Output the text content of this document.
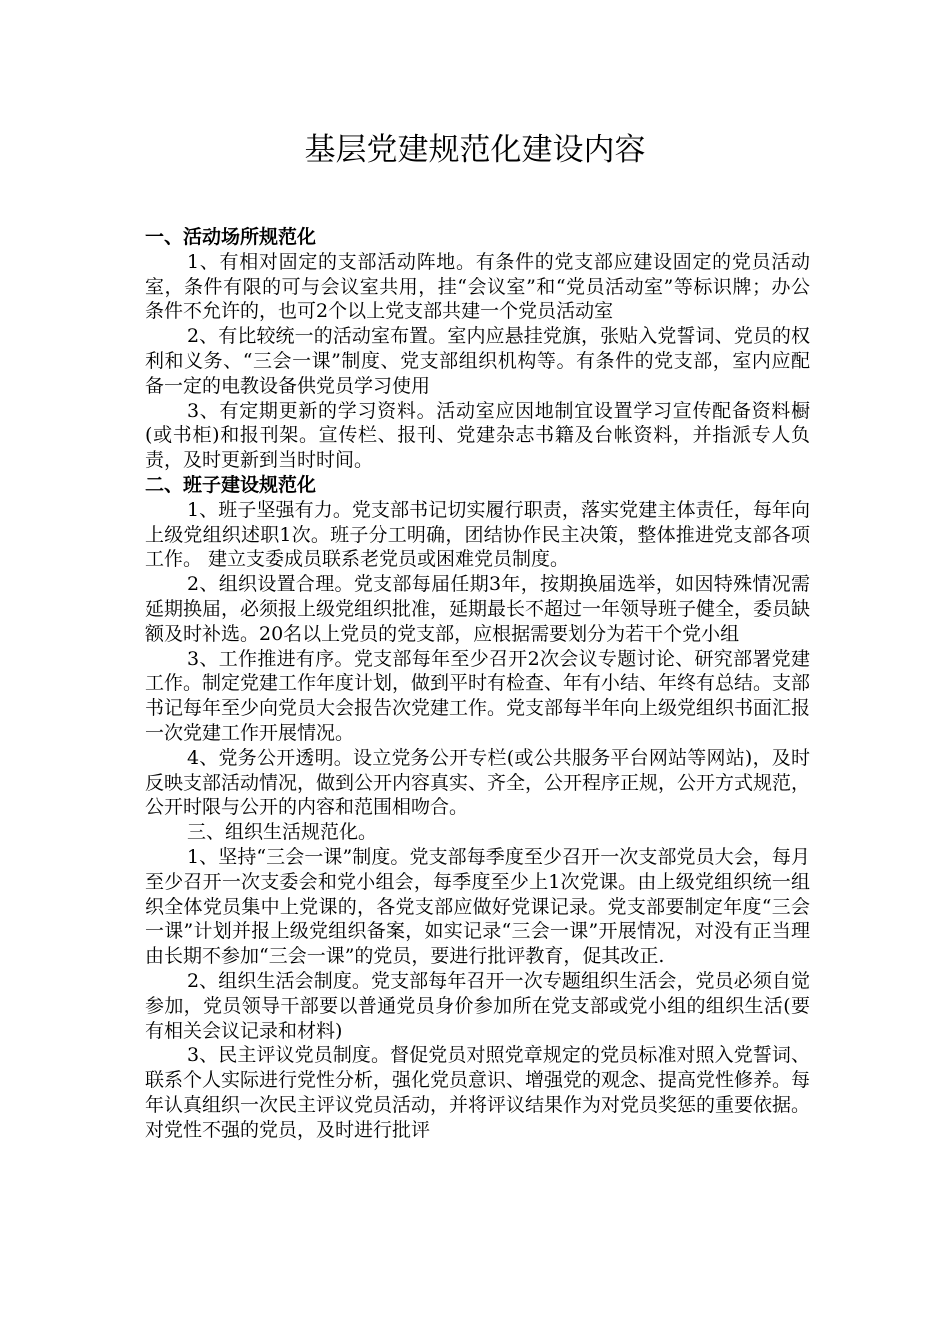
基层党建规范化建设内容

一、活动场所规范化

1、有相对固定的支部活动阵地。有条件的党支部应建设固定的党员活动室，条件有限的可与会议室共用，挂“会议室”和“党员活动室”等标识牌；办公条件不允许的，也可2个以上党支部共建一个党员活动室

2、有比较统一的活动室布置。室内应悬挂党旗，张贴入党誓词、党员的权利和义务、“三会一课”制度、党支部组织机构等。有条件的党支部，室内应配备一定的电教设备供党员学习使用

3、有定期更新的学习资料。活动室应因地制宜设置学习宣传配备资料橱(或书柜)和报刊架。宣传栏、报刊、党建杂志书籍及台帐资料，并指派专人负责，及时更新到当时时间。

二、班子建设规范化

1、班子坚强有力。党支部书记切实履行职责，落实党建主体责任，每年向上级党组织述职1次。班子分工明确，团结协作民主决策，整体推进党支部各项工作。 建立支委成员联系老党员或困难党员制度。

2、组织设置合理。党支部每届任期3年，按期换届选举，如因特殊情况需延期换届，必须报上级党组织批准，延期最长不超过一年领导班子健全，委员缺额及时补选。20名以上党员的党支部，应根据需要划分为若干个党小组

3、工作推进有序。党支部每年至少召开2次会议专题讨论、研究部署党建工作。制定党建工作年度计划，做到平时有检查、年有小结、年终有总结。支部书记每年至少向党员大会报告次党建工作。党支部每半年向上级党组织书面汇报一次党建工作开展情况。

4、党务公开透明。设立党务公开专栏(或公共服务平台网站等网站)，及时反映支部活动情况，做到公开内容真实、齐全，公开程序正规，公开方式规范，公开时限与公开的内容和范围相吻合。

三、组织生活规范化。

1、坚持“三会一课”制度。党支部每季度至少召开一次支部党员大会，每月至少召开一次支委会和党小组会，每季度至少上1次党课。由上级党组织统一组织全体党员集中上党课的，各党支部应做好党课记录。党支部要制定年度“三会一课”计划并报上级党组织备案，如实记录“三会一课”开展情况，对没有正当理由长期不参加“三会一课”的党员，要进行批评教育，促其改正.

2、组织生活会制度。党支部每年召开一次专题组织生活会，党员必须自觉参加，党员领导干部要以普通党员身价参加所在党支部或党小组的组织生活(要有相关会议记录和材料)

3、民主评议党员制度。督促党员对照党章规定的党员标准对照入党誓词、联系个人实际进行党性分析，强化党员意识、增强党的观念、提高党性修养。每年认真组织一次民主评议党员活动，并将评议结果作为对党员奖惩的重要依据。对党性不强的党员，及时进行批评
